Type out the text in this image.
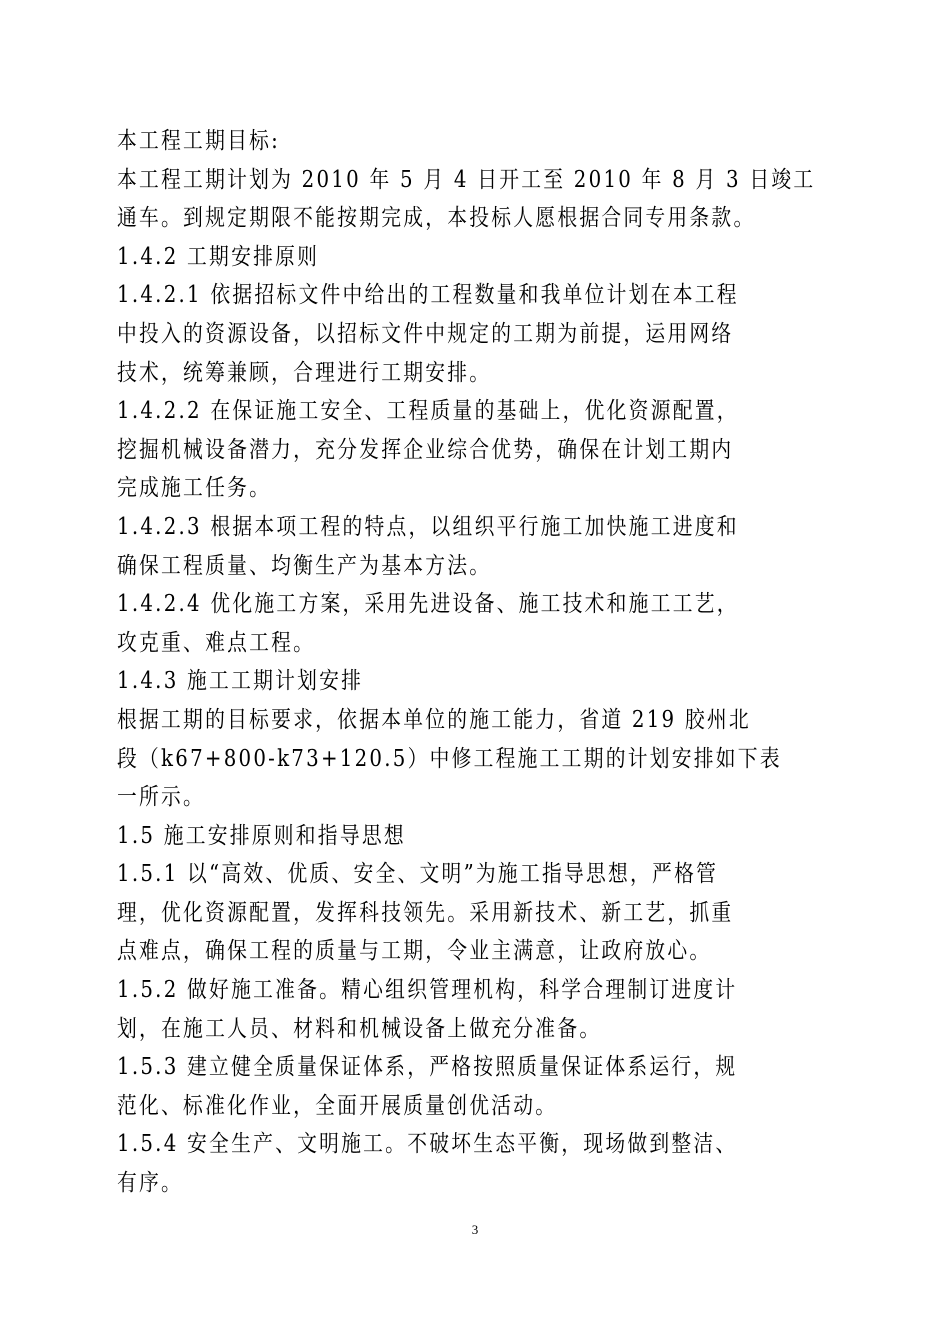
本工程工期目标:
本工程工期计划为 2010 年 5 月 4 日开工至 2010 年 8 月 3 日竣工
通车。到规定期限不能按期完成，本投标人愿根据合同专用条款。
1.4.2 工期安排原则
1.4.2.1 依据招标文件中给出的工程数量和我单位计划在本工程
中投入的资源设备，以招标文件中规定的工期为前提，运用网络
技术，统筹兼顾，合理进行工期安排。
1.4.2.2 在保证施工安全、工程质量的基础上，优化资源配置，
挖掘机械设备潜力，充分发挥企业综合优势，确保在计划工期内
完成施工任务。
1.4.2.3 根据本项工程的特点，以组织平行施工加快施工进度和
确保工程质量、均衡生产为基本方法。
1.4.2.4 优化施工方案，采用先进设备、施工技术和施工工艺，
攻克重、难点工程。
1.4.3 施工工期计划安排
根据工期的目标要求，依据本单位的施工能力，省道 219 胶州北
段（k67+800-k73+120.5）中修工程施工工期的计划安排如下表
一所示。
1.5 施工安排原则和指导思想
1.5.1 以“高效、优质、安全、文明”为施工指导思想，严格管
理，优化资源配置，发挥科技领先。采用新技术、新工艺，抓重
点难点，确保工程的质量与工期，令业主满意，让政府放心。
1.5.2 做好施工准备。精心组织管理机构，科学合理制订进度计
划，在施工人员、材料和机械设备上做充分准备。
1.5.3 建立健全质量保证体系，严格按照质量保证体系运行，规
范化、标准化作业，全面开展质量创优活动。
1.5.4 安全生产、文明施工。不破坏生态平衡，现场做到整洁、
有序。
3
